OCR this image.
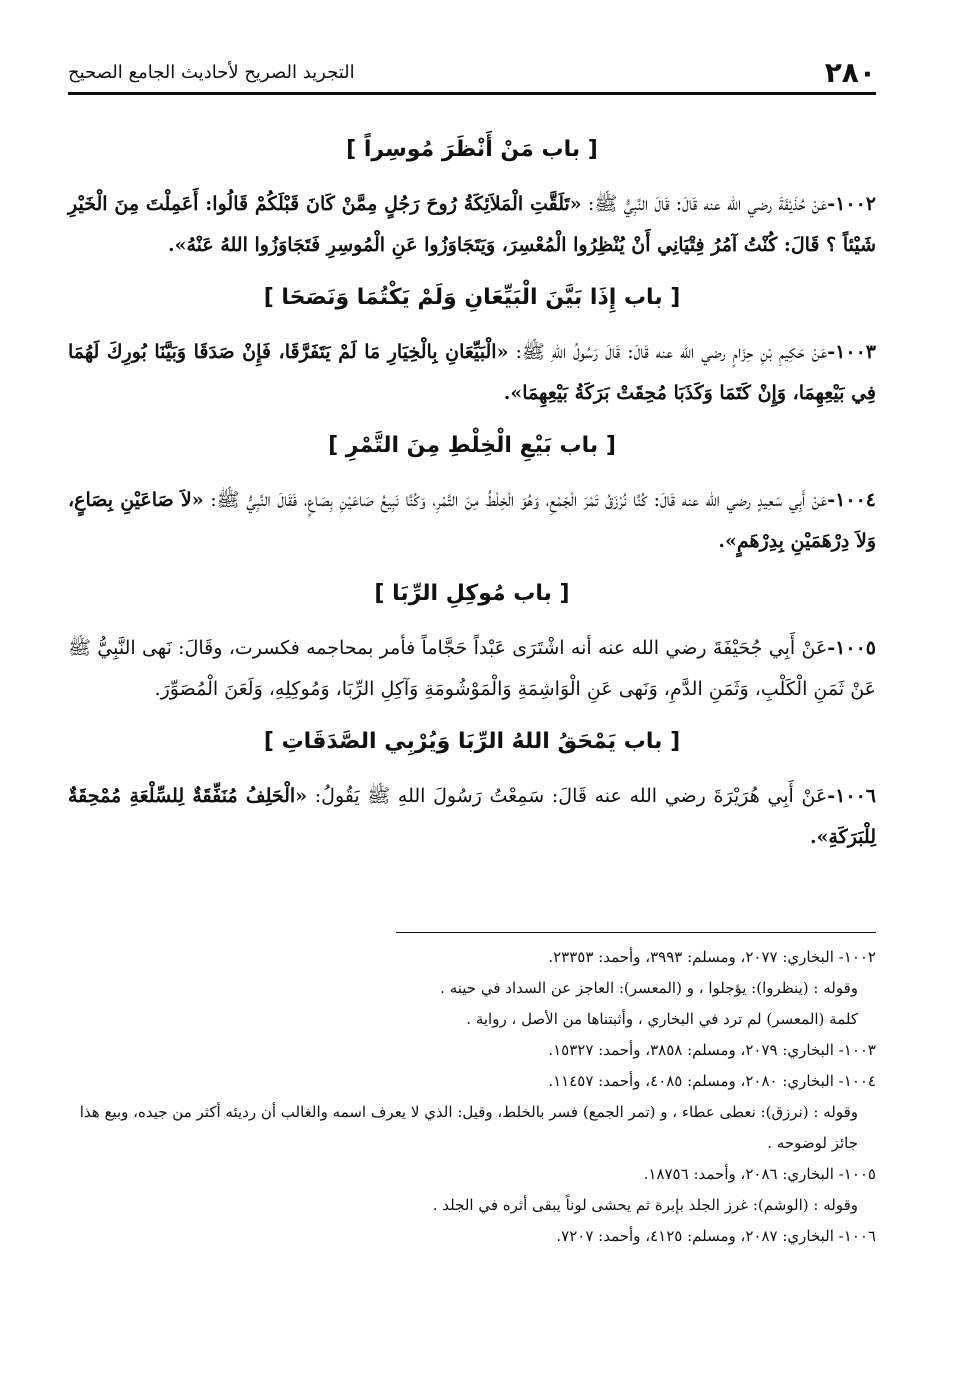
٢٨٠
التجريد الصريح لأحاديث الجامع الصحيح
[ باب مَنْ أَنْظَرَ مُوسِراً ]

١٠٠٢-عَنْ حُذَيْفَةَ رضي الله عنه قَالَ: قَالَ النَّبِيُّ ﷺ: «تَلَقَّتِ الْمَلاَئِكَةُ رُوحَ رَجُلٍ مِمَّنْ كَانَ قَبْلَكُمْ قَالُوا: أَعَمِلْتَ مِنَ الْخَيْرِ شَيْئاً ؟ قَالَ: كُنْتُ آمُرُ فِتْيَانِي أَنْ يُنْظِرُوا الْمُعْسِرَ، وَيَتَجَاوَزُوا عَنِ الْمُوسِرِ فَتَجَاوَزُوا اللهُ عَنْهُ».

[ باب إِذَا بَيَّنَ الْبَيِّعَانِ وَلَمْ يَكْتُمَا وَنَصَحَا ]

١٠٠٣-عَنْ حَكِيمِ بْنِ حِزَامٍ رضي الله عنه قَالَ: قَالَ رَسُولُ اللهِ ﷺ: «الْبَيِّعَانِ بِالْخِيَارِ مَا لَمْ يَتَفَرَّقَا، فَإِنْ صَدَقَا وَبَيَّنَا بُورِكَ لَهُمَا فِي بَيْعِهِمَا، وَإِنْ كَتَمَا وَكَذَبَا مُحِقَتْ بَرَكَةُ بَيْعِهِمَا».

[ باب بَيْعِ الْخِلْطِ مِنَ التَّمْرِ ]

١٠٠٤-عَنْ أَبِي سَعِيدٍ رضي الله عنه قَالَ: كُنَّا نُرْزَقُ تَمْرَ الْجَمْعِ، وَهُوَ الْخِلْطُ مِنَ التَّمْرِ، وَكُنَّا نَبِيعُ صَاعَيْنِ بِصَاعٍ، فَقَالَ النَّبِيُّ ﷺ: «لاَ صَاعَيْنِ بِصَاعٍ، وَلاَ دِرْهَمَيْنِ بِدِرْهَمٍ».

[ باب مُوكِلِ الرِّبَا ]

١٠٠٥-عَنْ أَبِي جُحَيْفَةَ رضي الله عنه أنه اشْتَرَى عَبْداً حَجَّاماً فأمر بمحاجمه فكسرت، وقَالَ: نَهى النَّبِيُّ ﷺ عَنْ ثَمَنِ الْكَلْبِ، وَثَمَنِ الدَّمِ، وَنَهى عَنِ الْوَاشِمَةِ وَالْمَوْشُومَةِ وَآكِلِ الرِّبَا، وَمُوكِلِهِ، وَلَعَنَ الْمُصَوِّرَ.

[ باب يَمْحَقُ اللهُ الرِّبَا وَيُرْبِي الصَّدَقَاتِ ]

١٠٠٦-عَنْ أَبِي هُرَيْرَةَ رضي الله عنه قَالَ: سَمِعْتُ رَسُولَ اللهِ ﷺ يَقُولُ: «الْحَلِفُ مُنَفِّقَةٌ لِلسِّلْعَةِ مُمْحِقَةٌ لِلْبَرَكَةِ».

١٠٠٢- البخاري: ٢٠٧٧، ومسلم: ٣٩٩٣، وأحمد: ٢٣٣٥٣.

وقوله : (ينظروا): يؤجلوا ، و (المعسر): العاجز عن السداد في حينه .

كلمة (المعسر) لم ترد في البخاري ، وأثبتناها من الأصل ، رواية .

١٠٠٣- البخاري: ٢٠٧٩، ومسلم: ٣٨٥٨، وأحمد: ١٥٣٢٧.

١٠٠٤- البخاري: ٢٠٨٠، ومسلم: ٤٠٨٥، وأحمد: ١١٤٥٧.

وقوله : (نرزق): نعطى عطاء ، و (تمر الجمع) فسر بالخلط، وقيل: الذي لا يعرف اسمه والغالب أن رديئه أكثر من جيده، وبيع هذا جائز لوضوحه .

١٠٠٥- البخاري: ٢٠٨٦، وأحمد: ١٨٧٥٦.

وقوله : (الوشم): غرز الجلد بإبرة ثم يحشى لوناً يبقى أثره في الجلد .

١٠٠٦- البخاري: ٢٠٨٧، ومسلم: ٤١٢٥، وأحمد: ٧٢٠٧.
